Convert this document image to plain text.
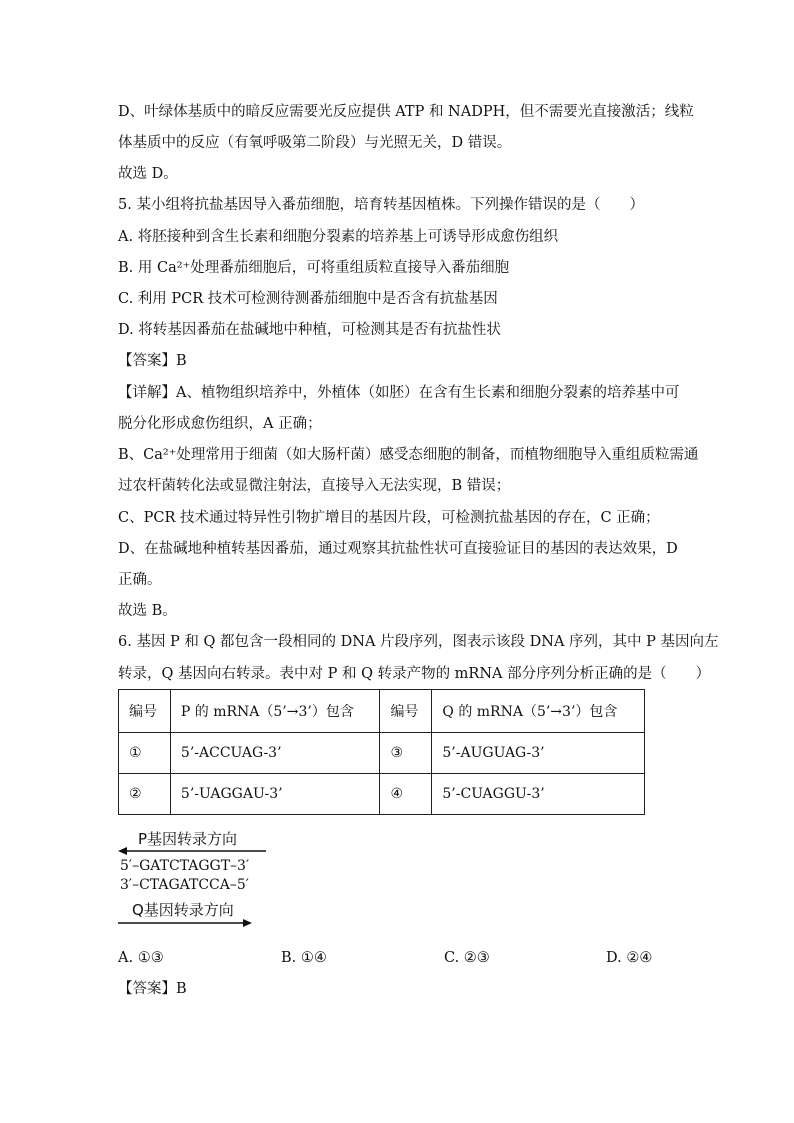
D、叶绿体基质中的暗反应需要光反应提供 ATP 和 NADPH，但不需要光直接激活；线粒
体基质中的反应（有氧呼吸第二阶段）与光照无关，D 错误。
故选 D。
5. 某小组将抗盐基因导入番茄细胞，培育转基因植株。下列操作错误的是（　　）
A. 将胚接种到含生长素和细胞分裂素的培养基上可诱导形成愈伤组织
B. 用 Ca²⁺处理番茄细胞后，可将重组质粒直接导入番茄细胞
C. 利用 PCR 技术可检测待测番茄细胞中是否含有抗盐基因
D. 将转基因番茄在盐碱地中种植，可检测其是否有抗盐性状
【答案】B
【详解】A、植物组织培养中，外植体（如胚）在含有生长素和细胞分裂素的培养基中可
脱分化形成愈伤组织，A 正确；
B、Ca²⁺处理常用于细菌（如大肠杆菌）感受态细胞的制备，而植物细胞导入重组质粒需通
过农杆菌转化法或显微注射法，直接导入无法实现，B 错误；
C、PCR 技术通过特异性引物扩增目的基因片段，可检测抗盐基因的存在，C 正确；
D、在盐碱地种植转基因番茄，通过观察其抗盐性状可直接验证目的基因的表达效果，D
正确。
故选 B。
6. 基因 P 和 Q 都包含一段相同的 DNA 片段序列，图表示该段 DNA 序列，其中 P 基因向左
转录，Q 基因向右转录。表中对 P 和 Q 转录产物的 mRNA 部分序列分析正确的是（　　）
编号	P 的 mRNA（5’→3’）包含	编号	Q 的 mRNA（5’→3’）包含
①	5’-ACCUAG-3’	③	5’-AUGUAG-3’
②	5’-UAGGAU-3’	④	5’-CUAGGU-3’
P基因转录方向
5′–GATCTAGGT–3′
3′–CTAGATCCA–5′
Q基因转录方向
A. ①③	B. ①④	C. ②③	D. ②④
【答案】B
